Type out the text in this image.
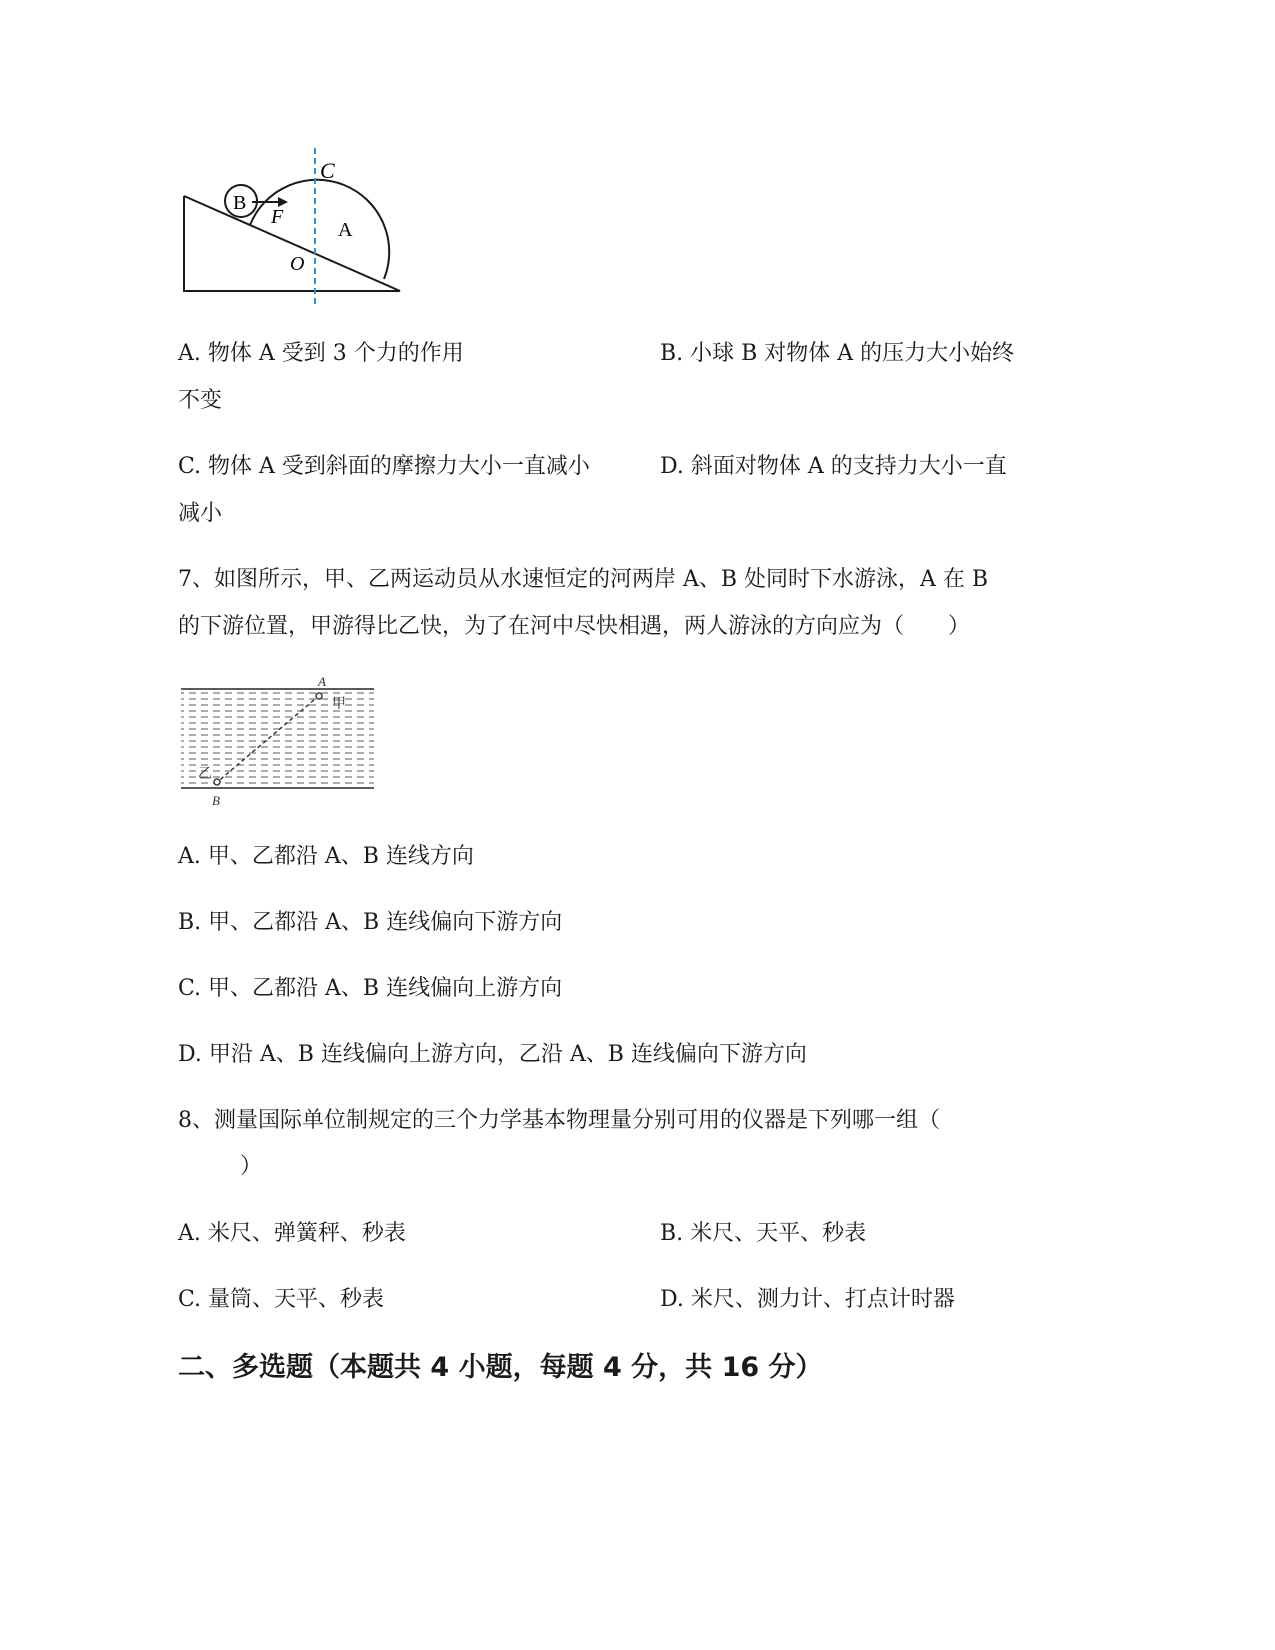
C
A
O
B
F
A. 物体 A 受到 3 个力的作用	B. 小球 B 对物体 A 的压力大小始终
不变
C. 物体 A 受到斜面的摩擦力大小一直减小	D. 斜面对物体 A 的支持力大小一直
减小
7、如图所示，甲、乙两运动员从水速恒定的河两岸 A、B 处同时下水游泳，A 在 B
的下游位置，甲游得比乙快，为了在河中尽快相遇，两人游泳的方向应为（　　）
A
甲
乙
B
A. 甲、乙都沿 A、B 连线方向
B. 甲、乙都沿 A、B 连线偏向下游方向
C. 甲、乙都沿 A、B 连线偏向上游方向
D. 甲沿 A、B 连线偏向上游方向，乙沿 A、B 连线偏向下游方向
8、测量国际单位制规定的三个力学基本物理量分别可用的仪器是下列哪一组（
）
A. 米尺、弹簧秤、秒表	B. 米尺、天平、秒表
C. 量筒、天平、秒表	D. 米尺、测力计、打点计时器
二、多选题（本题共 4 小题，每题 4 分，共 16 分）
